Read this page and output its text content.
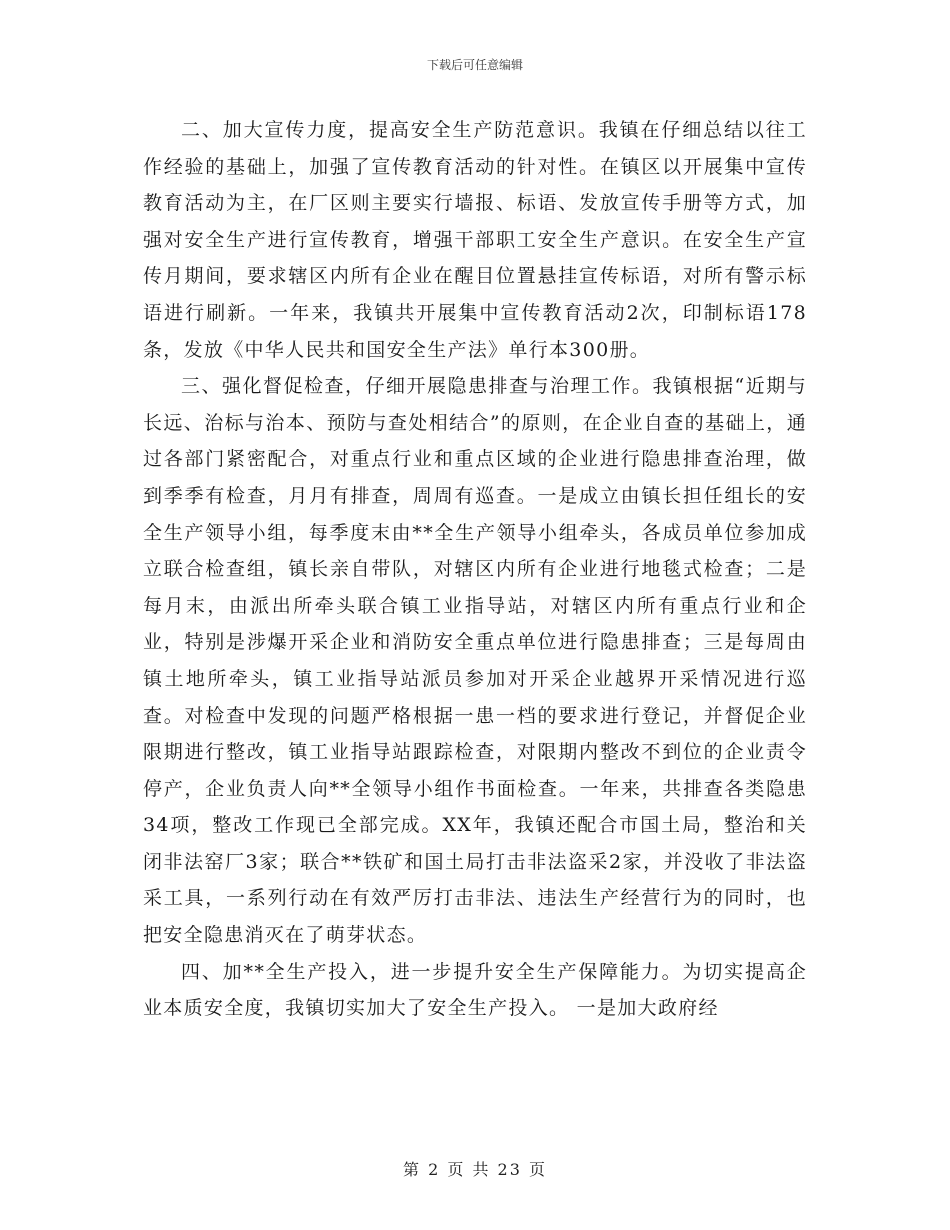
下载后可任意编辑

二、加大宣传力度，提高安全生产防范意识。我镇在仔细总结以往工作经验的基础上，加强了宣传教育活动的针对性。在镇区以开展集中宣传教育活动为主，在厂区则主要实行墙报、标语、发放宣传手册等方式，加强对安全生产进行宣传教育，增强干部职工安全生产意识。在安全生产宣传月期间，要求辖区内所有企业在醒目位置悬挂宣传标语，对所有警示标语进行刷新。一年来，我镇共开展集中宣传教育活动2次，印制标语178条，发放《中华人民共和国安全生产法》单行本300册。

三、强化督促检查，仔细开展隐患排查与治理工作。我镇根据“近期与长远、治标与治本、预防与查处相结合”的原则，在企业自查的基础上，通过各部门紧密配合，对重点行业和重点区域的企业进行隐患排查治理，做到季季有检查，月月有排查，周周有巡查。一是成立由镇长担任组长的安全生产领导小组，每季度末由**全生产领导小组牵头，各成员单位参加成立联合检查组，镇长亲自带队，对辖区内所有企业进行地毯式检查；二是每月末，由派出所牵头联合镇工业指导站，对辖区内所有重点行业和企业，特别是涉爆开采企业和消防安全重点单位进行隐患排查；三是每周由镇土地所牵头，镇工业指导站派员参加对开采企业越界开采情况进行巡查。对检查中发现的问题严格根据一患一档的要求进行登记，并督促企业限期进行整改，镇工业指导站跟踪检查，对限期内整改不到位的企业责令停产，企业负责人向**全领导小组作书面检查。一年来，共排查各类隐患34项，整改工作现已全部完成。XX年，我镇还配合市国土局，整治和关闭非法窑厂3家；联合**铁矿和国土局打击非法盗采2家，并没收了非法盗采工具，一系列行动在有效严厉打击非法、违法生产经营行为的同时，也把安全隐患消灭在了萌芽状态。

四、加**全生产投入，进一步提升安全生产保障能力。为切实提高企业本质安全度，我镇切实加大了安全生产投入。 一是加大政府经

第 2 页 共 23 页
